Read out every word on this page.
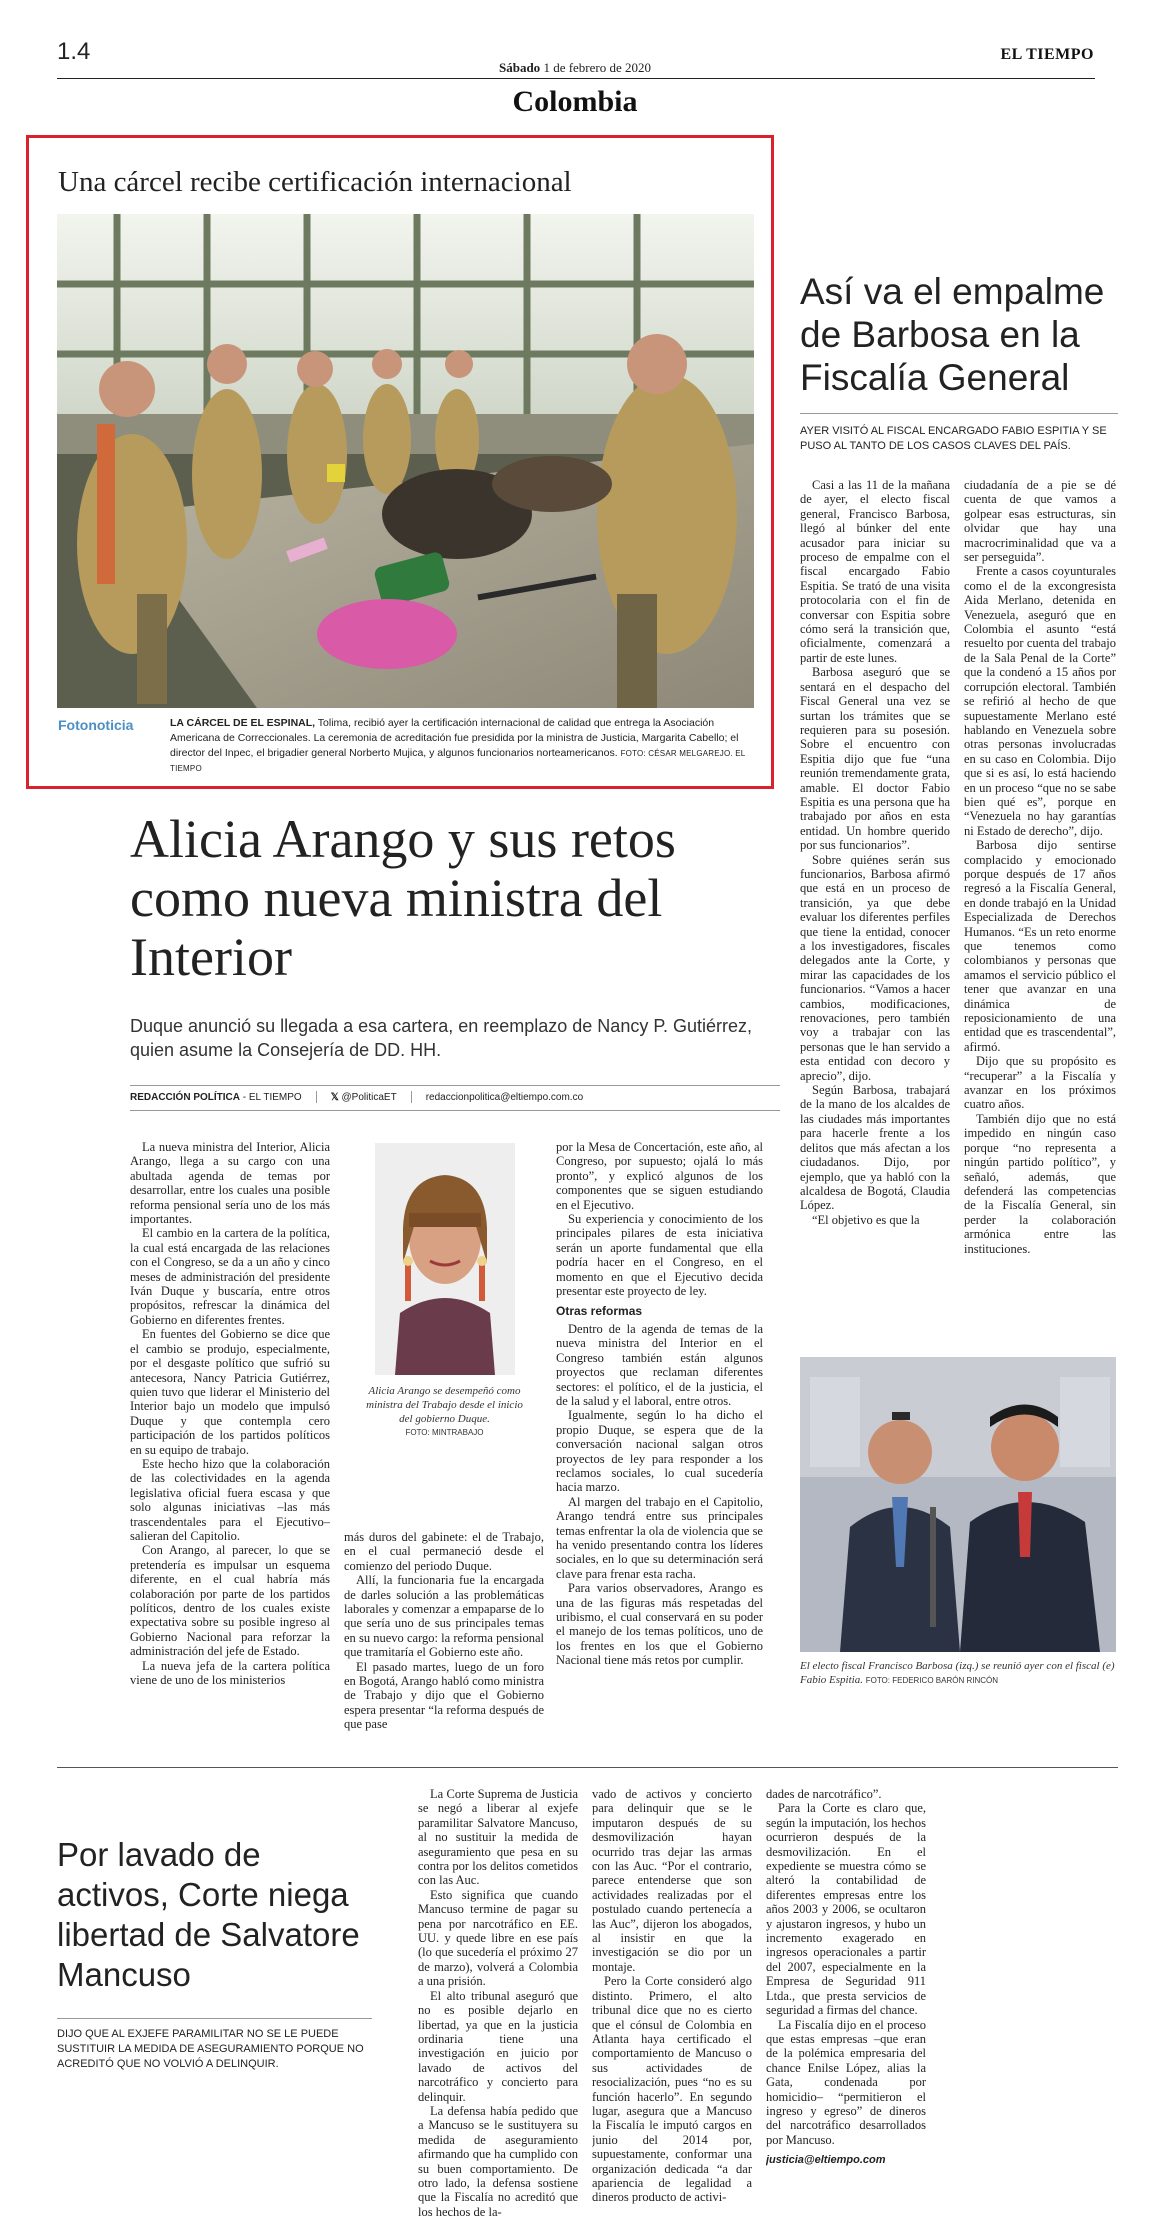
1.4
Sábado 1 de febrero de 2020
EL TIEMPO
Colombia
Una cárcel recibe certificación internacional
Fotonoticia	LA CÁRCEL DE EL ESPINAL, Tolima, recibió ayer la certificación internacional de calidad que entrega la Asociación Americana de Correccionales. La ceremonia de acreditación fue presidida por la ministra de Justicia, Margarita Cabello; el director del Inpec, el brigadier general Norberto Mujica, y algunos funcionarios norteamericanos. FOTO: CÉSAR MELGAREJO. EL TIEMPO
Así va el empalme de Barbosa en la Fiscalía General
AYER VISITÓ AL FISCAL ENCARGADO FABIO ESPITIA Y SE PUSO AL TANTO DE LOS CASOS CLAVES DEL PAÍS.

Casi a las 11 de la mañana de ayer, el electo fiscal general, Francisco Barbosa, llegó al búnker del ente acusador para iniciar su proceso de empalme con el fiscal encargado Fabio Espitia. Se trató de una visita protocolaria con el fin de conversar con Espitia sobre cómo será la transición que, oficialmente, comenzará a partir de este lunes.

Barbosa aseguró que se sentará en el despacho del Fiscal General una vez se surtan los trámites que se requieren para su posesión. Sobre el encuentro con Espitia dijo que fue “una reunión tremendamente grata, amable. El doctor Fabio Espitia es una persona que ha trabajado por años en esta entidad. Un hombre querido por sus funcionarios”.

Sobre quiénes serán sus funcionarios, Barbosa afirmó que está en un proceso de transición, ya que debe evaluar los diferentes perfiles que tiene la entidad, conocer a los investigadores, fiscales delegados ante la Corte, y mirar las capacidades de los funcionarios. “Vamos a hacer cambios, modificaciones, renovaciones, pero también voy a trabajar con las personas que le han servido a esta entidad con decoro y aprecio”, dijo.

Según Barbosa, trabajará de la mano de los alcaldes de las ciudades más importantes para hacerle frente a los delitos que más afectan a los ciudadanos. Dijo, por ejemplo, que ya habló con la alcaldesa de Bogotá, Claudia López.

“El objetivo es que la

ciudadanía de a pie se dé cuenta de que vamos a golpear esas estructuras, sin olvidar que hay una macrocriminalidad que va a ser perseguida”.

Frente a casos coyunturales como el de la excongresista Aida Merlano, detenida en Venezuela, aseguró que en Colombia el asunto “está resuelto por cuenta del trabajo de la Sala Penal de la Corte” que la condenó a 15 años por corrupción electoral. También se refirió al hecho de que supuestamente Merlano esté hablando en Venezuela sobre otras personas involucradas en su caso en Colombia. Dijo que si es así, lo está haciendo en un proceso “que no se sabe bien qué es”, porque en “Venezuela no hay garantías ni Estado de derecho”, dijo.

Barbosa dijo sentirse complacido y emocionado porque después de 17 años regresó a la Fiscalía General, en donde trabajó en la Unidad Especializada de Derechos Humanos. “Es un reto enorme que tenemos como colombianos y personas que amamos el servicio público el tener que avanzar en una dinámica de reposicionamiento de una entidad que es trascendental”, afirmó.

Dijo que su propósito es “recuperar” a la Fiscalía y avanzar en los próximos cuatro años.

También dijo que no está impedido en ningún caso porque “no representa a ningún partido político”, y señaló, además, que defenderá las competencias de la Fiscalía General, sin perder la colaboración armónica entre las instituciones.

El electo fiscal Francisco Barbosa (izq.) se reunió ayer con el fiscal (e) Fabio Espitia. FOTO: FEDERICO BARÓN RINCÓN
Alicia Arango y sus retos como nueva ministra del Interior
Duque anunció su llegada a esa cartera, en reemplazo de Nancy P. Gutiérrez, quien asume la Consejería de DD. HH.
REDACCIÓN POLÍTICA - EL TIEMPO	𝕏 @PoliticaET	redaccionpolitica@eltiempo.com.co

La nueva ministra del Interior, Alicia Arango, llega a su cargo con una abultada agenda de temas por desarrollar, entre los cuales una posible reforma pensional sería uno de los más importantes.

El cambio en la cartera de la política, la cual está encargada de las relaciones con el Congreso, se da a un año y cinco meses de administración del presidente Iván Duque y buscaría, entre otros propósitos, refrescar la dinámica del Gobierno en diferentes frentes.

En fuentes del Gobierno se dice que el cambio se produjo, especialmente, por el desgaste político que sufrió su antecesora, Nancy Patricia Gutiérrez, quien tuvo que liderar el Ministerio del Interior bajo un modelo que impulsó Duque y que contempla cero participación de los partidos políticos en su equipo de trabajo.

Este hecho hizo que la colaboración de las colectividades en la agenda legislativa oficial fuera escasa y que solo algunas iniciativas –las más trascendentales para el Ejecutivo– salieran del Capitolio.

Con Arango, al parecer, lo que se pretendería es impulsar un esquema diferente, en el cual habría más colaboración por parte de los partidos políticos, dentro de los cuales existe expectativa sobre su posible ingreso al Gobierno Nacional para reforzar la administración del jefe de Estado.

La nueva jefa de la cartera política viene de uno de los ministerios

Alicia Arango se desempeñó como ministra del Trabajo desde el inicio del gobierno Duque.
FOTO: MINTRABAJO

más duros del gabinete: el de Trabajo, en el cual permaneció desde el comienzo del periodo Duque.

Allí, la funcionaria fue la encargada de darles solución a las problemáticas laborales y comenzar a empaparse de lo que sería uno de sus principales temas en su nuevo cargo: la reforma pensional que tramitaría el Gobierno este año.

El pasado martes, luego de un foro en Bogotá, Arango habló como ministra de Trabajo y dijo que el Gobierno espera presentar “la reforma después de que pase

por la Mesa de Concertación, este año, al Congreso, por supuesto; ojalá lo más pronto”, y explicó algunos de los componentes que se siguen estudiando en el Ejecutivo.

Su experiencia y conocimiento de los principales pilares de esta iniciativa serán un aporte fundamental que ella podría hacer en el Congreso, en el momento en que el Ejecutivo decida presentar este proyecto de ley.

Otras reformas

Dentro de la agenda de temas de la nueva ministra del Interior en el Congreso también están algunos proyectos que reclaman diferentes sectores: el político, el de la justicia, el de la salud y el laboral, entre otros.

Igualmente, según lo ha dicho el propio Duque, se espera que de la conversación nacional salgan otros proyectos de ley para responder a los reclamos sociales, lo cual sucedería hacia marzo.

Al margen del trabajo en el Capitolio, Arango tendrá entre sus principales temas enfrentar la ola de violencia que se ha venido presentando contra los líderes sociales, en lo que su determinación será clave para frenar esta racha.

Para varios observadores, Arango es una de las figuras más respetadas del uribismo, el cual conservará en su poder el manejo de los temas políticos, uno de los frentes en los que el Gobierno Nacional tiene más retos por cumplir.

Por lavado de activos, Corte niega libertad de Salvatore Mancuso
DIJO QUE AL EXJEFE PARAMILITAR NO SE LE PUEDE SUSTITUIR LA MEDIDA DE ASEGURAMIENTO PORQUE NO ACREDITÓ QUE NO VOLVIÓ A DELINQUIR.

La Corte Suprema de Justicia se negó a liberar al exjefe paramilitar Salvatore Mancuso, al no sustituir la medida de aseguramiento que pesa en su contra por los delitos cometidos con las Auc.

Esto significa que cuando Mancuso termine de pagar su pena por narcotráfico en EE. UU. y quede libre en ese país (lo que sucedería el próximo 27 de marzo), volverá a Colombia a una prisión.

El alto tribunal aseguró que no es posible dejarlo en libertad, ya que en la justicia ordinaria tiene una investigación en juicio por lavado de activos del narcotráfico y concierto para delinquir.

La defensa había pedido que a Mancuso se le sustituyera su medida de aseguramiento afirmando que ha cumplido con su buen comportamiento. De otro lado, la defensa sostiene que la Fiscalía no acreditó que los hechos de la-

vado de activos y concierto para delinquir que se le imputaron después de su desmovilización hayan ocurrido tras dejar las armas con las Auc. “Por el contrario, parece entenderse que son actividades realizadas por el postulado cuando pertenecía a las Auc”, dijeron los abogados, al insistir en que la investigación se dio por un montaje.

Pero la Corte consideró algo distinto. Primero, el alto tribunal dice que no es cierto que el cónsul de Colombia en Atlanta haya certificado el comportamiento de Mancuso o sus actividades de resocialización, pues “no es su función hacerlo”. En segundo lugar, asegura que a Mancuso la Fiscalía le imputó cargos en junio del 2014 por, supuestamente, conformar una organización dedicada “a dar apariencia de legalidad a dineros producto de activi-

dades de narcotráfico”.

Para la Corte es claro que, según la imputación, los hechos ocurrieron después de la desmovilización. En el expediente se muestra cómo se alteró la contabilidad de diferentes empresas entre los años 2003 y 2006, se ocultaron y ajustaron ingresos, y hubo un incremento exagerado en ingresos operacionales a partir del 2007, especialmente en la Empresa de Seguridad 911 Ltda., que presta servicios de seguridad a firmas del chance.

La Fiscalía dijo en el proceso que estas empresas –que eran de la polémica empresaria del chance Enilse López, alias la Gata, condenada por homicidio– “permitieron el ingreso y egreso” de dineros del narcotráfico desarrollados por Mancuso.

justicia@eltiempo.com
